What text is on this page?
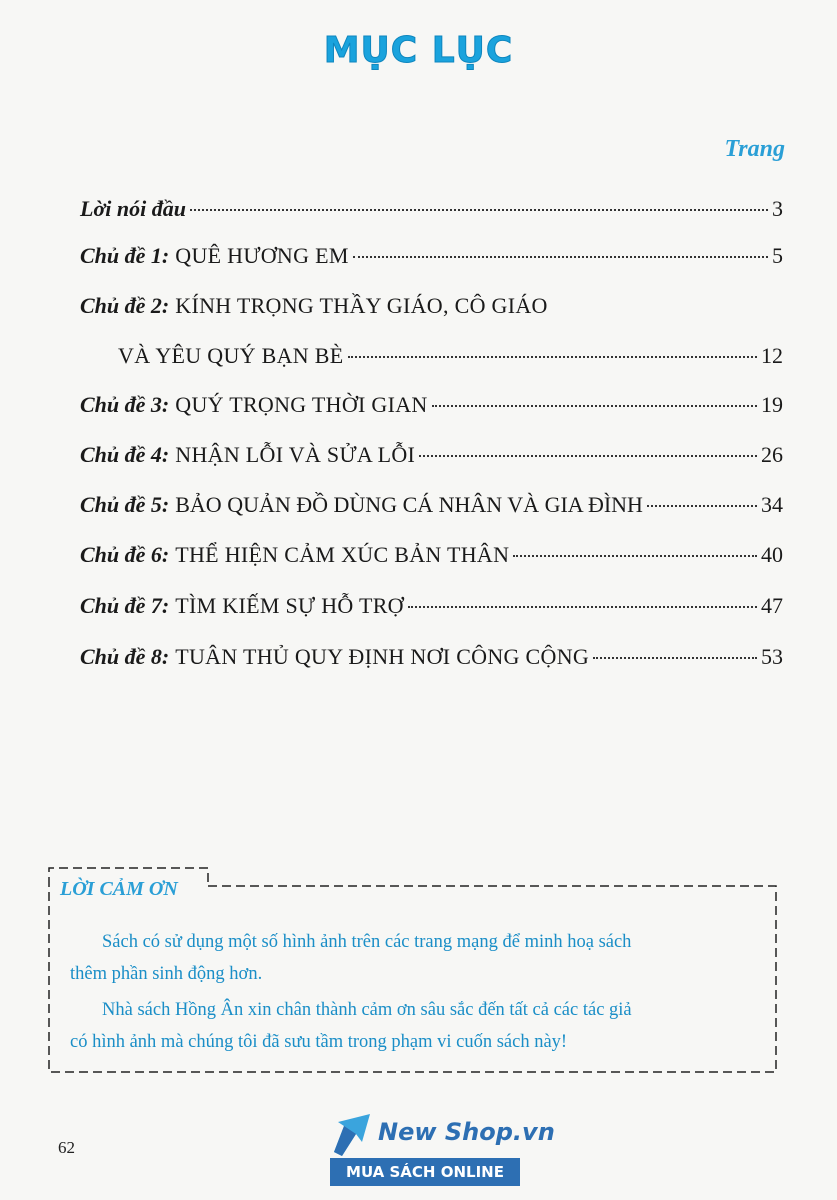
MỤC LỤC
Trang
Lời nói đầu	3
Chủ đề 1: QUÊ HƯƠNG EM	5
Chủ đề 2: KÍNH TRỌNG THẦY GIÁO, CÔ GIÁO
VÀ YÊU QUÝ BẠN BÈ	12
Chủ đề 3: QUÝ TRỌNG THỜI GIAN	19
Chủ đề 4: NHẬN LỖI VÀ SỬA LỖI	26
Chủ đề 5: BẢO QUẢN ĐỒ DÙNG CÁ NHÂN VÀ GIA ĐÌNH	34
Chủ đề 6: THỂ HIỆN CẢM XÚC BẢN THÂN	40
Chủ đề 7: TÌM KIẾM SỰ HỖ TRỢ	47
Chủ đề 8: TUÂN THỦ QUY ĐỊNH NƠI CÔNG CỘNG	53
LỜI CẢM ƠN
Sách có sử dụng một số hình ảnh trên các trang mạng để minh hoạ sách
thêm phần sinh động hơn.
Nhà sách Hồng Ân xin chân thành cảm ơn sâu sắc đến tất cả các tác giả
có hình ảnh mà chúng tôi đã sưu tầm trong phạm vi cuốn sách này!
62
New Shop.vn
MUA SÁCH ONLINE
